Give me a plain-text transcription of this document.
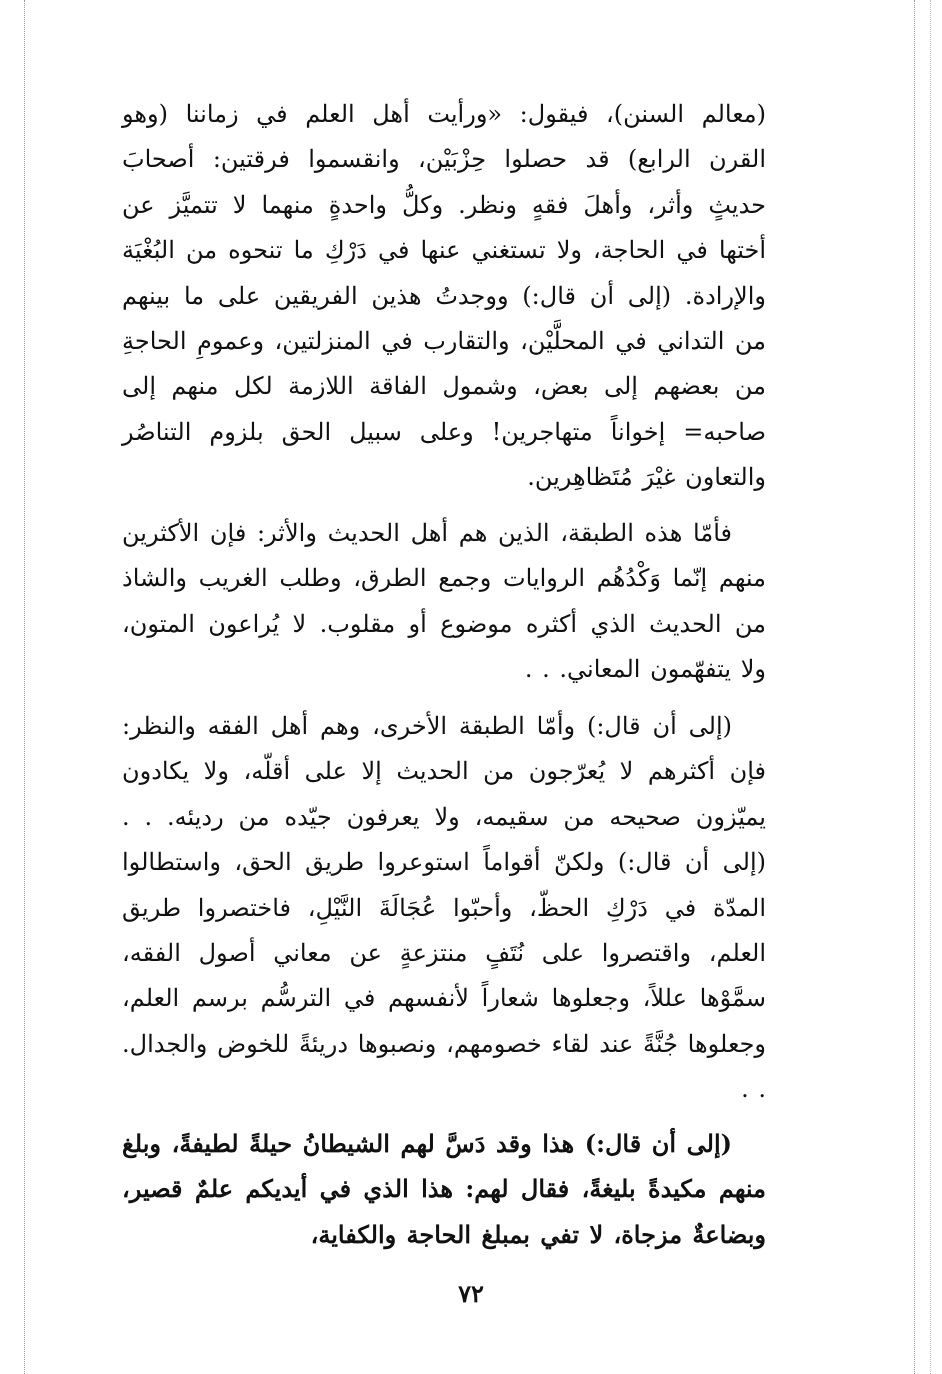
(معالم السنن)، فيقول: «ورأيت أهل العلم في زماننا (وهو القرن الرابع) قد حصلوا حِزْبَيْن، وانقسموا فرقتين: أصحابَ حديثٍ وأثر، وأهلَ فقهٍ ونظر. وكلُّ واحدةٍ منهما لا تتميَّز عن أختها في الحاجة، ولا تستغني عنها في دَرْكِ ما تنحوه من البُغْيَة والإرادة. (إلى أن قال:) ووجدتُ هذين الفريقين على ما بينهم من التداني في المحلَّيْن، والتقارب في المنزلتين، وعمومِ الحاجةِ من بعضهم إلى بعض، وشمول الفاقة اللازمة لكل منهم إلى صاحبه= إخواناً متهاجرين! وعلى سبيل الحق بلزوم التناصُر والتعاون غيْرَ مُتَظاهِرين.

فأمّا هذه الطبقة، الذين هم أهل الحديث والأثر: فإن الأكثرين منهم إنّما وَكْدُهُم الروايات وجمع الطرق، وطلب الغريب والشاذ من الحديث الذي أكثره موضوع أو مقلوب. لا يُراعون المتون، ولا يتفهّمون المعاني. . .

(إلى أن قال:) وأمّا الطبقة الأخرى، وهم أهل الفقه والنظر: فإن أكثرهم لا يُعرّجون من الحديث إلا على أقلّه، ولا يكادون يميّزون صحيحه من سقيمه، ولا يعرفون جيّده من رديئه. . . (إلى أن قال:) ولكنّ أقواماً استوعروا طريق الحق، واستطالوا المدّة في دَرْكِ الحظّ، وأحبّوا عُجَالَةَ النَّيْلِ، فاختصروا طريق العلم، واقتصروا على نُتَفٍ منتزعةٍ عن معاني أصول الفقه، سمَّوْها عللاً، وجعلوها شعاراً لأنفسهم في الترسُّم برسم العلم، وجعلوها جُنَّةً عند لقاء خصومهم، ونصبوها دريئةً للخوض والجدال. . .

(إلى أن قال:) هذا وقد دَسَّ لهم الشيطانُ حيلةً لطيفةً، وبلغ منهم مكيدةً بليغةً، فقال لهم: هذا الذي في أيديكم علمٌ قصير، وبضاعةٌ مزجاة، لا تفي بمبلغ الحاجة والكفاية،

٧٢
